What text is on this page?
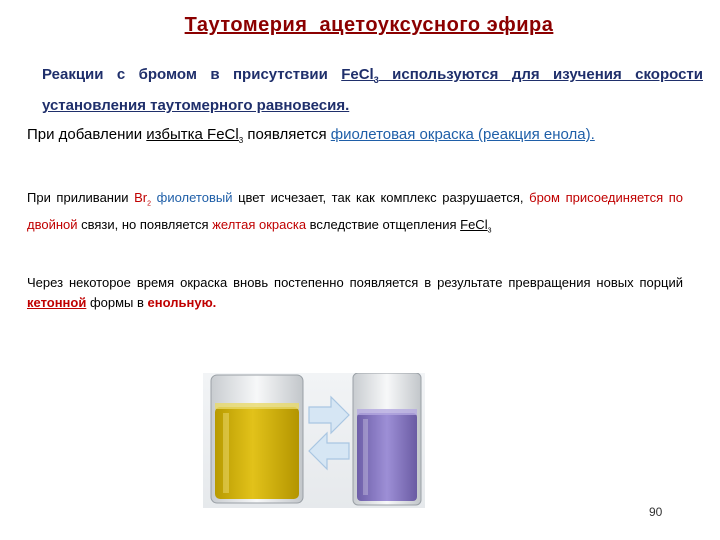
Таутомерия  ацетоуксусного эфира
Реакции с бромом в присутствии FeCl$_3$ используются для изучения скорости установления таутомерного равновесия.
При добавлении избытка FeCl$_3$ появляется фиолетовая окраска (реакция енола).
При приливании $Br_2$ фиолетовый цвет исчезает, так как комплекс разрушается, бром присоединяется по двойной связи, но появляется желтая окраска вследствие отщепления FeCl$_3$
Через некоторое время окраска вновь постепенно появляется в результате превращения новых порций кетонной формы в енольную.
90
